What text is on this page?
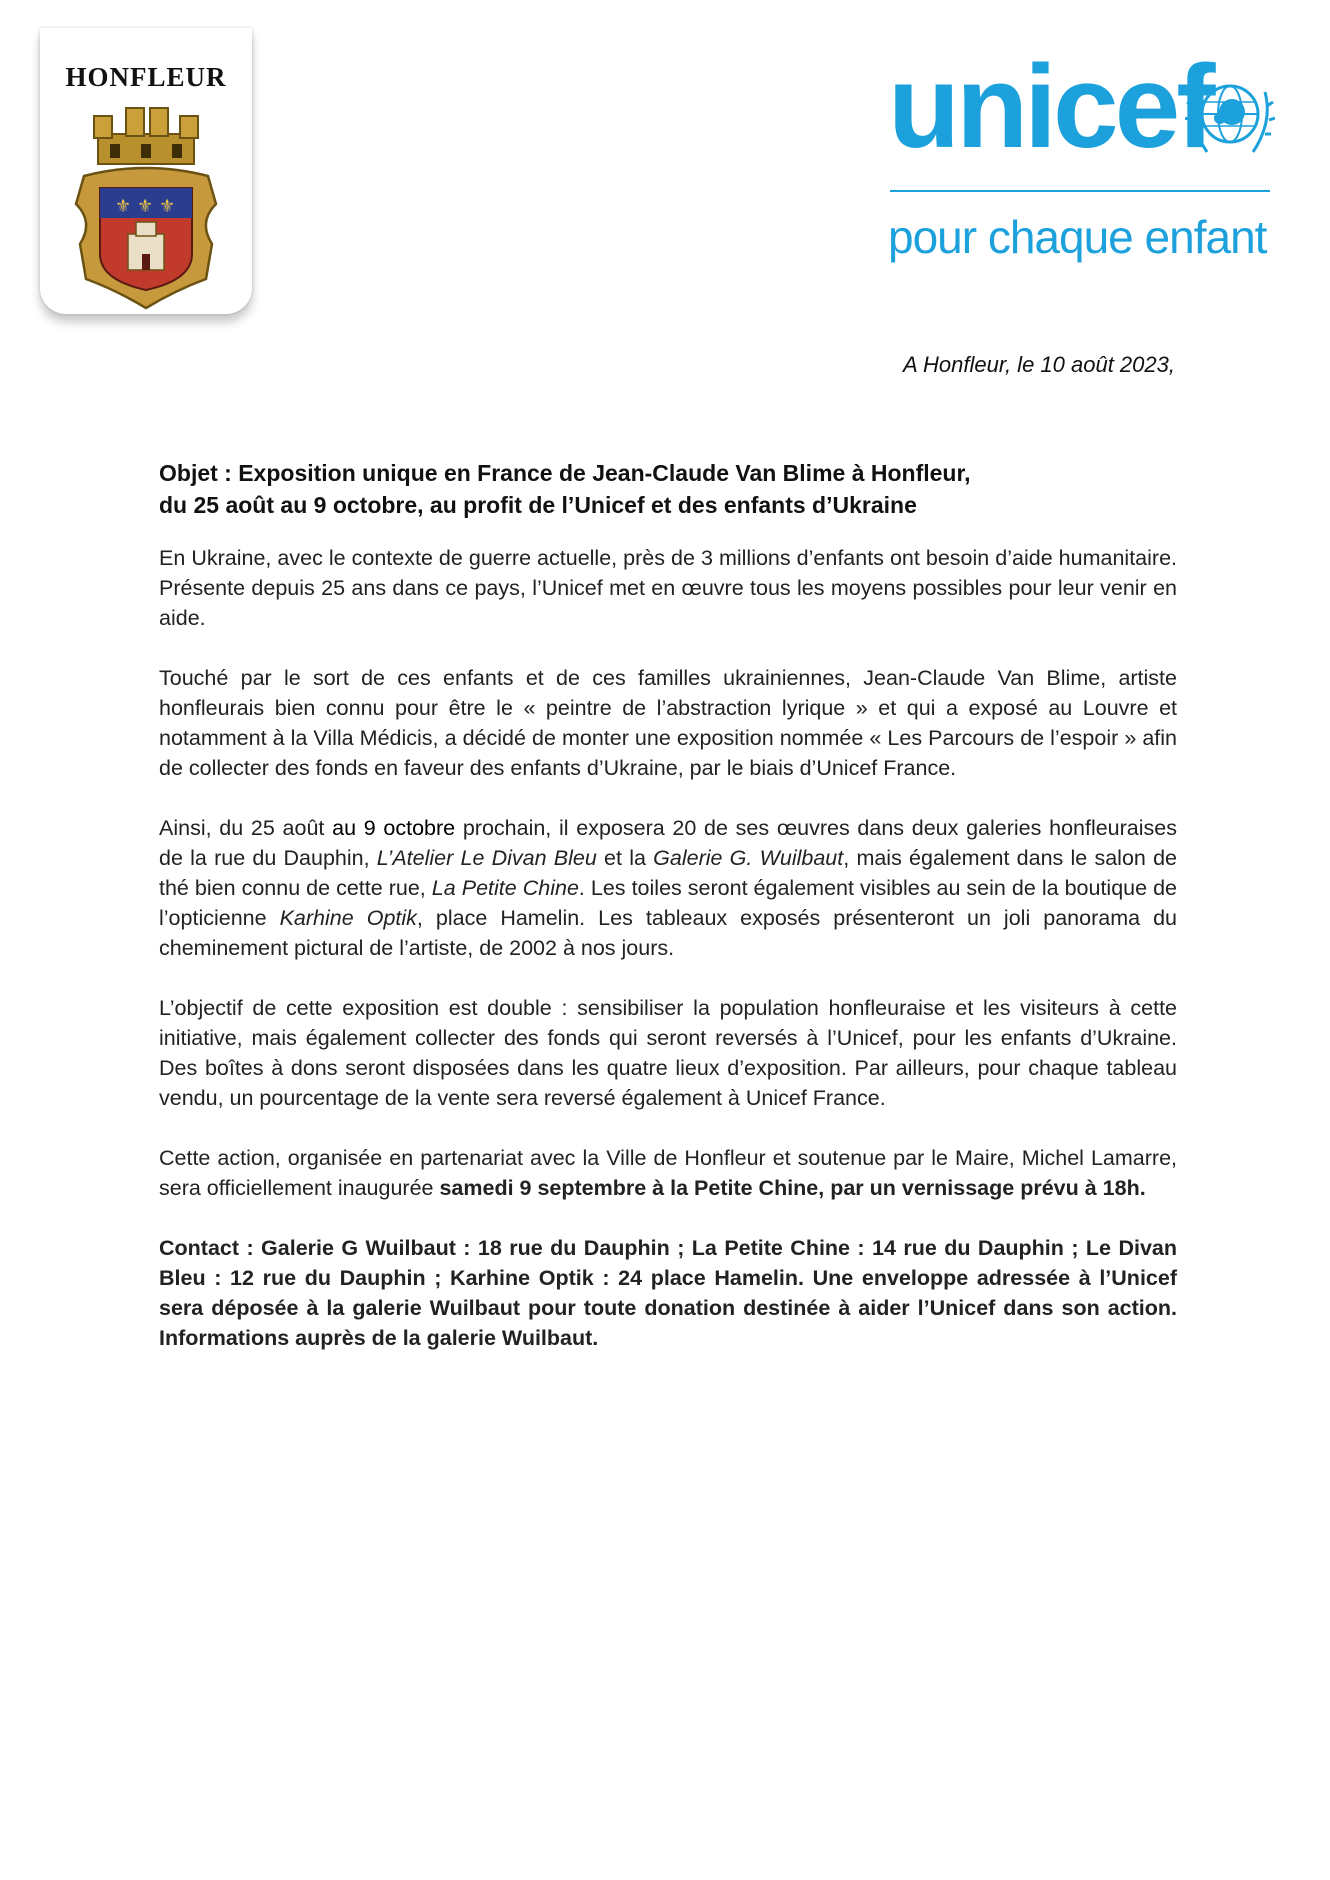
HONFLEUR
⚜ ⚜ ⚜
unicef
pour chaque enfant
A Honfleur, le 10 août 2023,
Objet : Exposition unique en France de Jean-Claude Van Blime à Honfleur,
du 25 août au 9 octobre, au profit de l’Unicef et des enfants d’Ukraine

En Ukraine, avec le contexte de guerre actuelle, près de 3 millions d’enfants ont besoin d’aide humanitaire. Présente depuis 25 ans dans ce pays, l’Unicef met en œuvre tous les moyens possibles pour leur venir en aide.

Touché par le sort de ces enfants et de ces familles ukrainiennes, Jean-Claude Van Blime, artiste honfleurais bien connu pour être le « peintre de l’abstraction lyrique » et qui a exposé au Louvre et notamment à la Villa Médicis, a décidé de monter une exposition nommée « Les Parcours de l’espoir » afin de collecter des fonds en faveur des enfants d’Ukraine, par le biais d’Unicef France.

Ainsi, du 25 août au 9 octobre prochain, il exposera 20 de ses œuvres dans deux galeries honfleuraises de la rue du Dauphin, L’Atelier Le Divan Bleu et la Galerie G. Wuilbaut, mais également dans le salon de thé bien connu de cette rue, La Petite Chine. Les toiles seront également visibles au sein de la boutique de l’opticienne Karhine Optik, place Hamelin. Les tableaux exposés présenteront un joli panorama du cheminement pictural de l’artiste, de 2002 à nos jours.

L’objectif de cette exposition est double : sensibiliser la population honfleuraise et les visiteurs à cette initiative, mais également collecter des fonds qui seront reversés à l’Unicef, pour les enfants d’Ukraine. Des boîtes à dons seront disposées dans les quatre lieux d’exposition. Par ailleurs, pour chaque tableau vendu, un pourcentage de la vente sera reversé également à Unicef France.

Cette action, organisée en partenariat avec la Ville de Honfleur et soutenue par le Maire, Michel Lamarre, sera officiellement inaugurée samedi 9 septembre à la Petite Chine, par un vernissage prévu à 18h.

Contact : Galerie G Wuilbaut : 18 rue du Dauphin ; La Petite Chine : 14 rue du Dauphin ; Le Divan Bleu : 12 rue du Dauphin ; Karhine Optik : 24 place Hamelin. Une enveloppe adressée à l’Unicef sera déposée à la galerie Wuilbaut pour toute donation destinée à aider l’Unicef dans son action. Informations auprès de la galerie Wuilbaut.
